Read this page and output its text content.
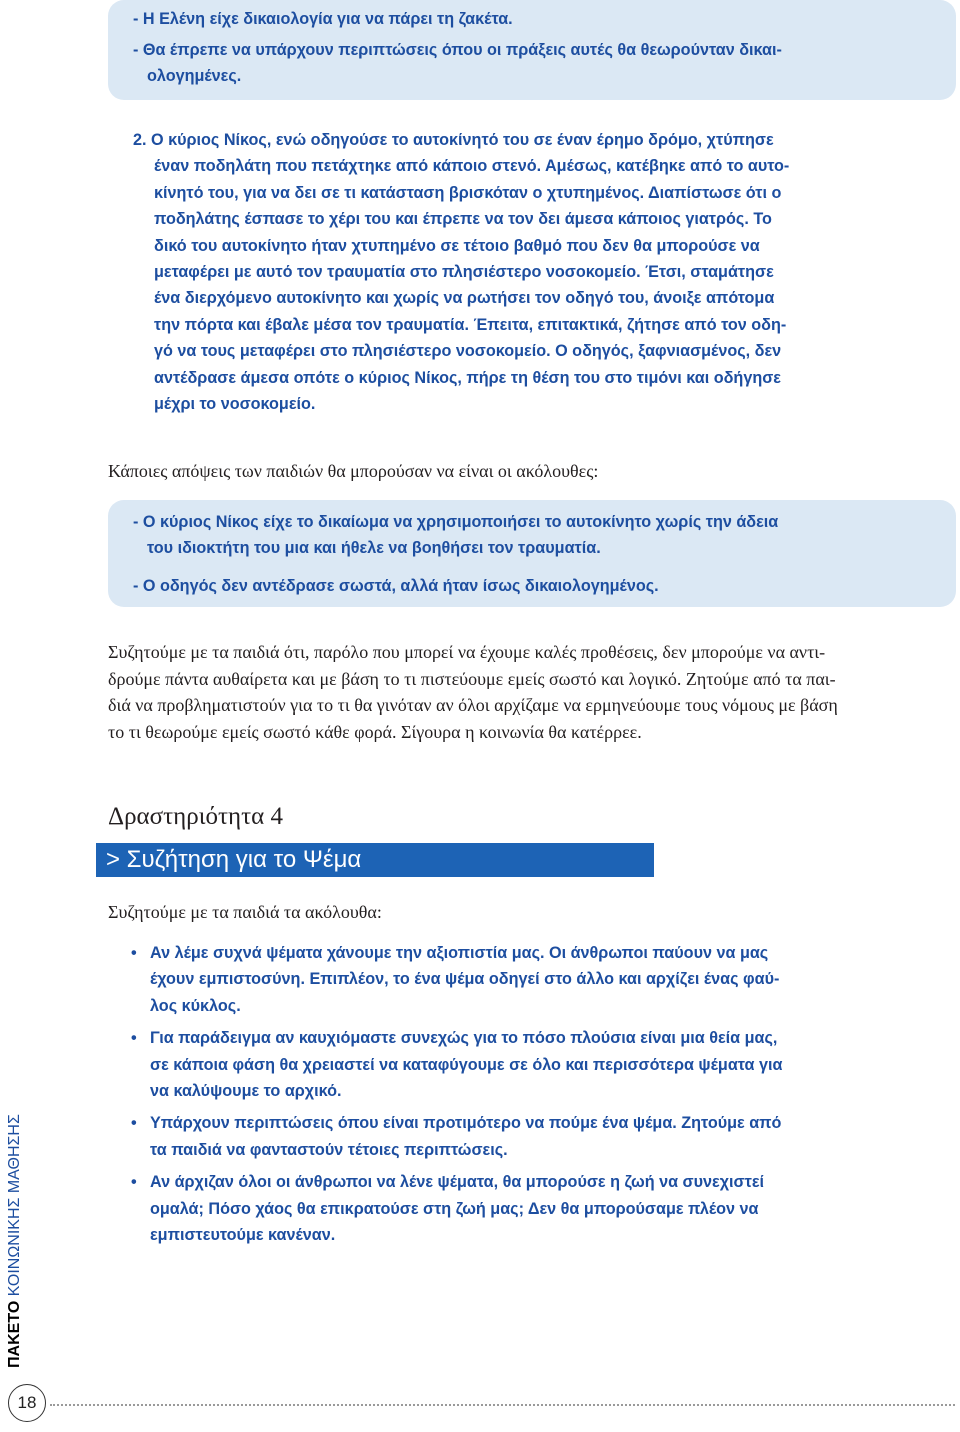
- Η Ελένη είχε δικαιολογία για να πάρει τη ζακέτα.
- Θα έπρεπε να υπάρχουν περιπτώσεις όπου οι πράξεις αυτές θα θεωρούνταν δικαι-
ολογημένες.
2. Ο κύριος Νίκος, ενώ οδηγούσε το αυτοκίνητό του σε έναν έρημο δρόμο, χτύπησε
έναν ποδηλάτη που πετάχτηκε από κάποιο στενό. Αμέσως, κατέβηκε από το αυτο-
κίνητό του, για να δει σε τι κατάσταση βρισκόταν ο χτυπημένος. Διαπίστωσε ότι ο
ποδηλάτης έσπασε το χέρι του και έπρεπε να τον δει άμεσα κάποιος γιατρός. Το
δικό του αυτοκίνητο ήταν χτυπημένο σε τέτοιο βαθμό που δεν θα μπορούσε να
μεταφέρει με αυτό τον τραυματία στο πλησιέστερο νοσοκομείο. Έτσι, σταμάτησε
ένα διερχόμενο αυτοκίνητο και χωρίς να ρωτήσει τον οδηγό του, άνοιξε απότομα
την πόρτα και έβαλε μέσα τον τραυματία. Έπειτα, επιτακτικά, ζήτησε από τον οδη-
γό να τους μεταφέρει στο πλησιέστερο νοσοκομείο. Ο οδηγός, ξαφνιασμένος, δεν
αντέδρασε άμεσα οπότε ο κύριος Νίκος, πήρε τη θέση του στο τιμόνι και οδήγησε
μέχρι το νοσοκομείο.
Κάποιες απόψεις των παιδιών θα μπορούσαν να είναι οι ακόλουθες:
- Ο κύριος Νίκος είχε το δικαίωμα να χρησιμοποιήσει το αυτοκίνητο χωρίς την άδεια
του ιδιοκτήτη του μια και ήθελε να βοηθήσει τον τραυματία.
- Ο οδηγός δεν αντέδρασε σωστά, αλλά ήταν ίσως δικαιολογημένος.
Συζητούμε με τα παιδιά ότι, παρόλο που μπορεί να έχουμε καλές προθέσεις, δεν μπορούμε να αντι-
δρούμε πάντα αυθαίρετα και με βάση το τι πιστεύουμε εμείς σωστό και λογικό. Ζητούμε από τα παι-
διά να προβληματιστούν για το τι θα γινόταν αν όλοι αρχίζαμε να ερμηνεύουμε τους νόμους με βάση
το τι θεωρούμε εμείς σωστό κάθε φορά. Σίγουρα η κοινωνία θα κατέρρεε.
Δραστηριότητα 4
> Συζήτηση για το Ψέμα
Συζητούμε με τα παιδιά τα ακόλουθα:
• Αν λέμε συχνά ψέματα χάνουμε την αξιοπιστία μας. Οι άνθρωποι παύουν να μας
έχουν εμπιστοσύνη. Επιπλέον, το ένα ψέμα οδηγεί στο άλλο και αρχίζει ένας φαύ-
λος κύκλος.
• Για παράδειγμα αν καυχιόμαστε συνεχώς για το πόσο πλούσια είναι μια θεία μας,
σε κάποια φάση θα χρειαστεί να καταφύγουμε σε όλο και περισσότερα ψέματα για
να καλύψουμε το αρχικό.
• Υπάρχουν περιπτώσεις όπου είναι προτιμότερο να πούμε ένα ψέμα. Ζητούμε από
τα παιδιά να φανταστούν τέτοιες περιπτώσεις.
• Αν άρχιζαν όλοι οι άνθρωποι να λένε ψέματα, θα μπορούσε η ζωή να συνεχιστεί
ομαλά; Πόσο χάος θα επικρατούσε στη ζωή μας; Δεν θα μπορούσαμε πλέον να
εμπιστευτούμε κανέναν.
ΠΑΚΕΤΟ ΚΟΙΝΩΝΙΚΗΣ ΜΑΘΗΣΗΣ
18
